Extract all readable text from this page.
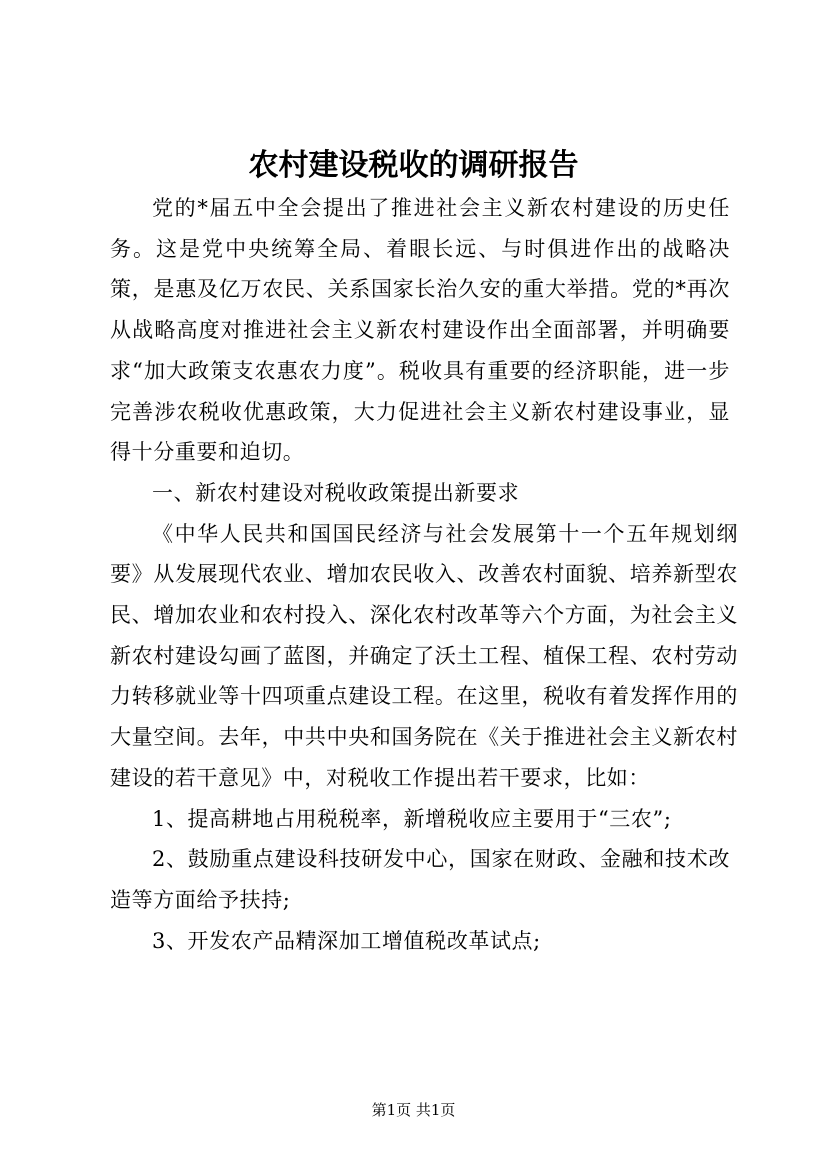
农村建设税收的调研报告

党的*届五中全会提出了推进社会主义新农村建设的历史任务。这是党中央统筹全局、着眼长远、与时俱进作出的战略决策，是惠及亿万农民、关系国家长治久安的重大举措。党的*再次从战略高度对推进社会主义新农村建设作出全面部署，并明确要求“加大政策支农惠农力度”。税收具有重要的经济职能，进一步完善涉农税收优惠政策，大力促进社会主义新农村建设事业，显得十分重要和迫切。

一、新农村建设对税收政策提出新要求

《中华人民共和国国民经济与社会发展第十一个五年规划纲要》从发展现代农业、增加农民收入、改善农村面貌、培养新型农民、增加农业和农村投入、深化农村改革等六个方面，为社会主义新农村建设勾画了蓝图，并确定了沃土工程、植保工程、农村劳动力转移就业等十四项重点建设工程。在这里，税收有着发挥作用的大量空间。去年，中共中央和国务院在《关于推进社会主义新农村建设的若干意见》中，对税收工作提出若干要求，比如：

1、提高耕地占用税税率，新增税收应主要用于“三农”;

2、鼓励重点建设科技研发中心，国家在财政、金融和技术改造等方面给予扶持;

3、开发农产品精深加工增值税改革试点;

第1页 共1页
